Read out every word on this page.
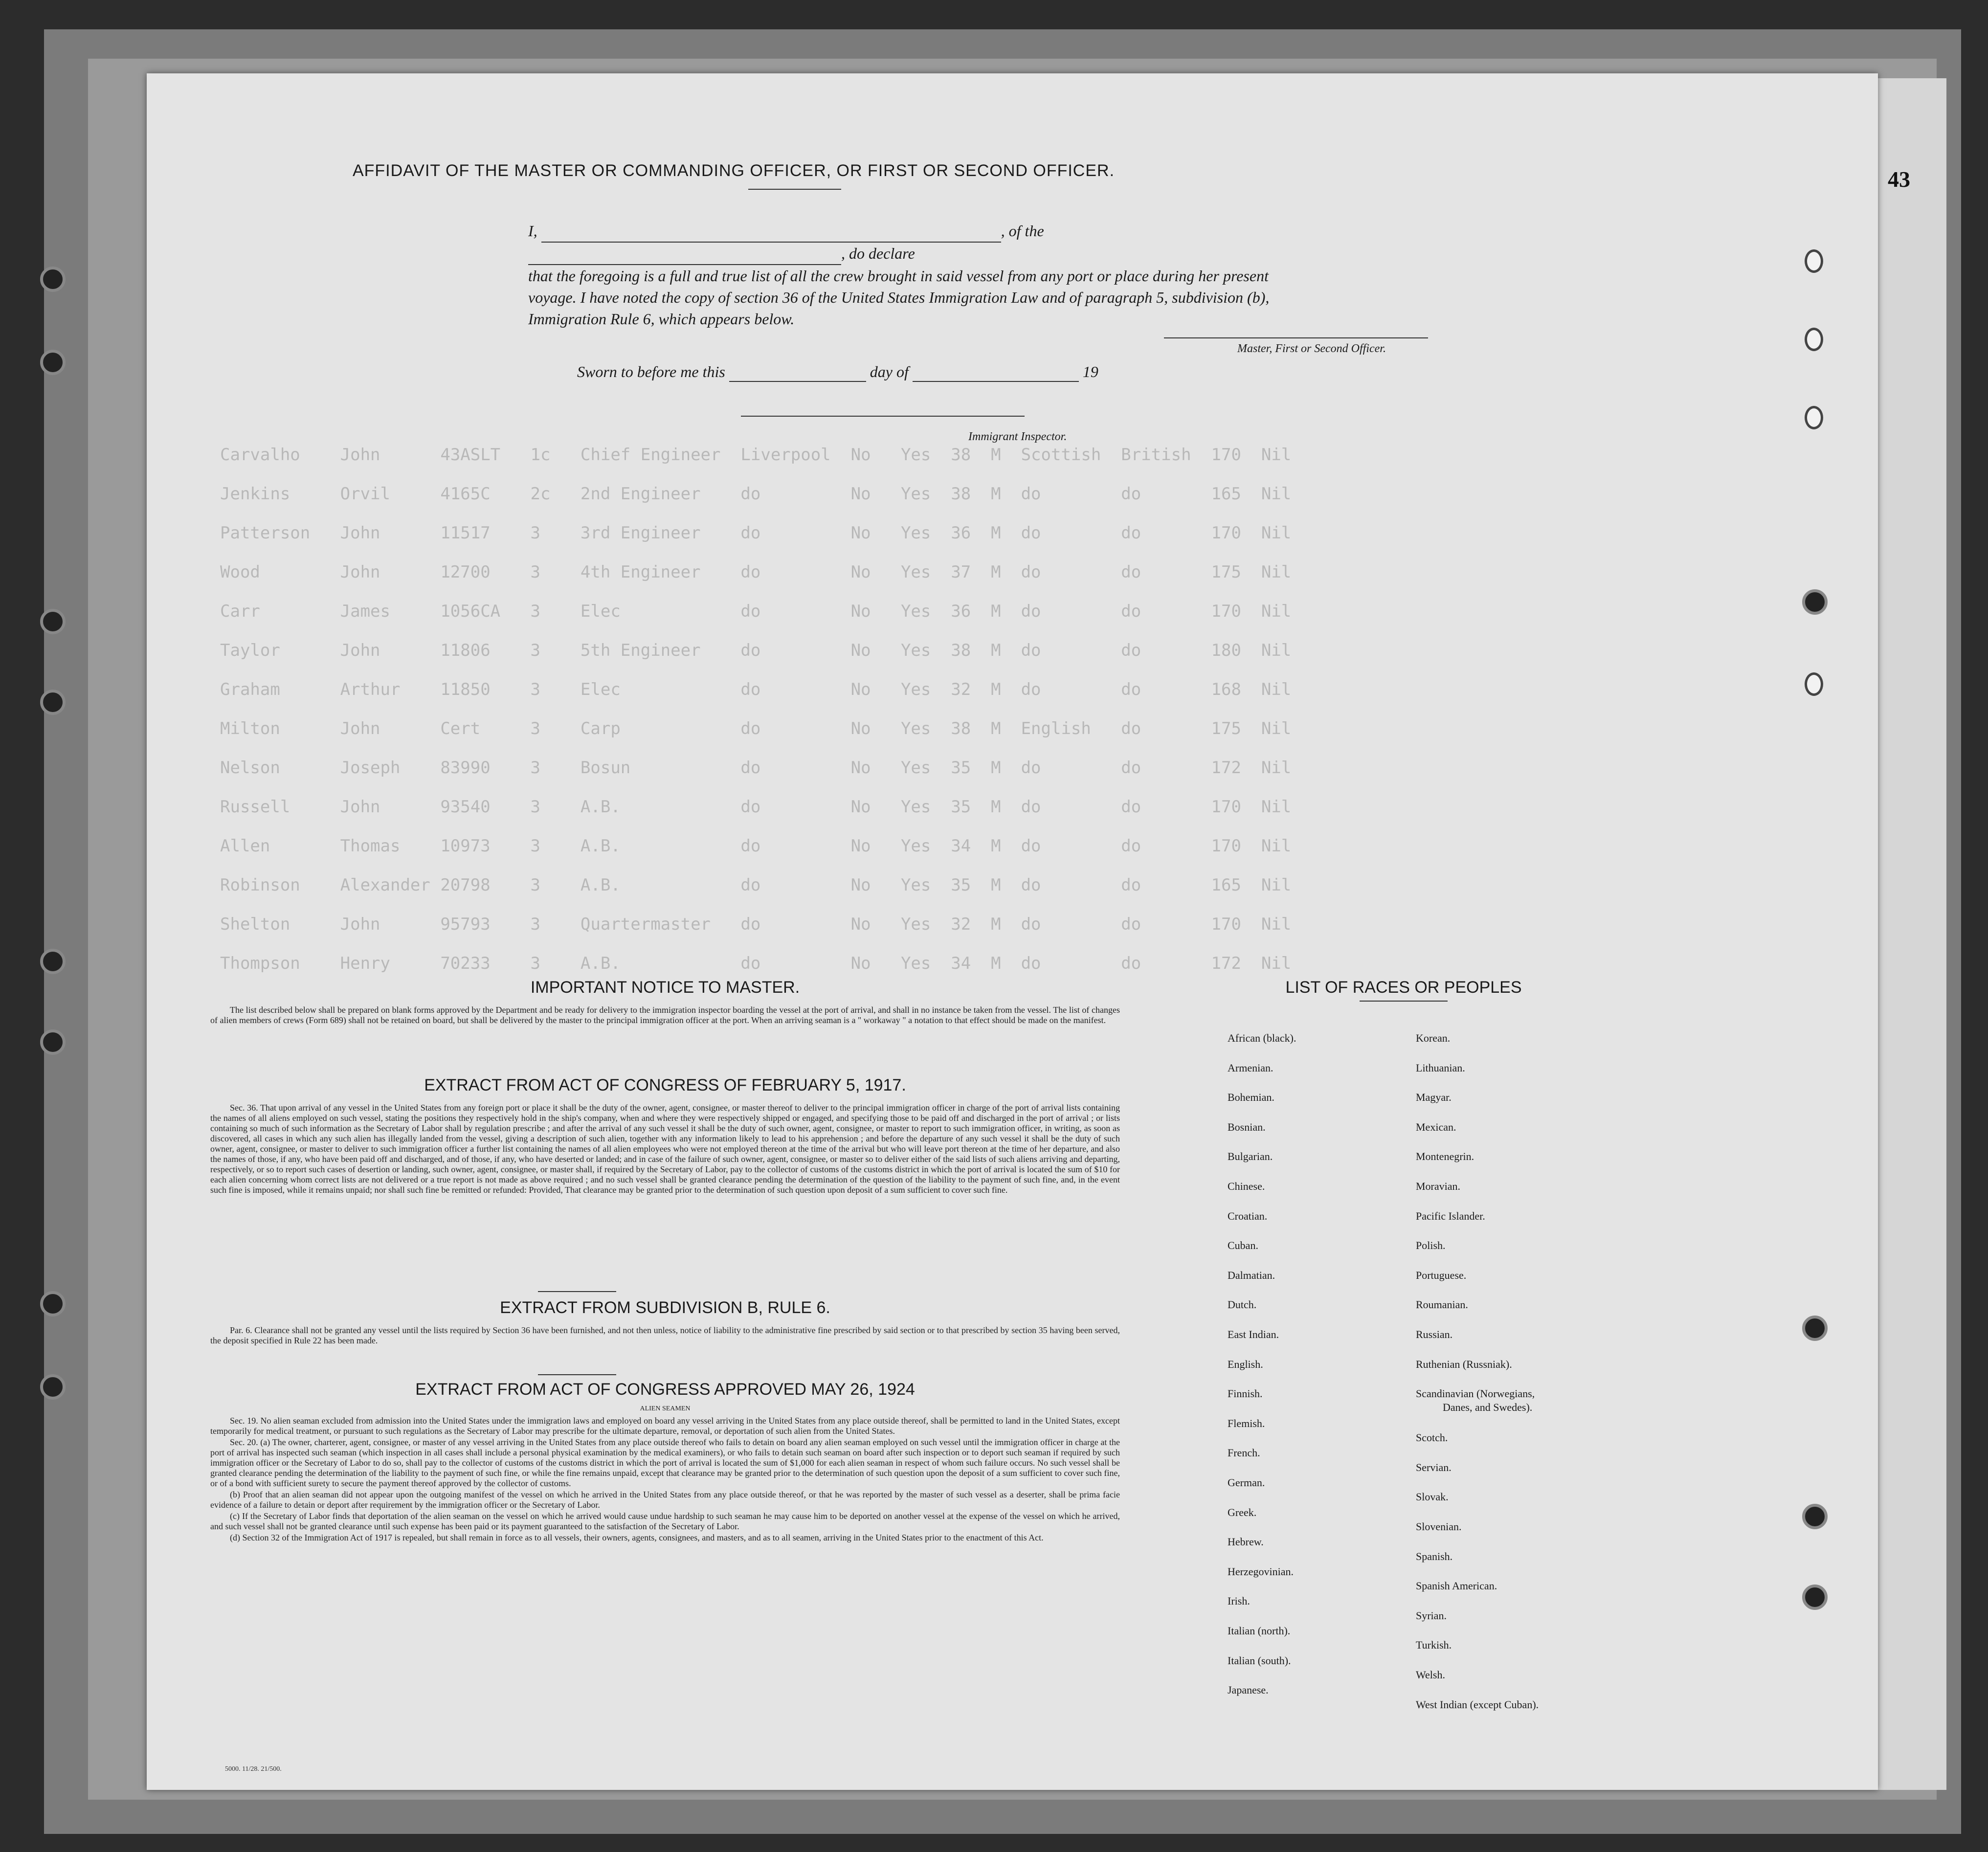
43
Carvalho    John      43ASLT   1c   Chief Engineer  Liverpool  No   Yes  38  M  Scottish  British  170  Nil
Jenkins     Orvil     4165C    2c   2nd Engineer    do         No   Yes  38  M  do        do       165  Nil
Patterson   John      11517    3    3rd Engineer    do         No   Yes  36  M  do        do       170  Nil
Wood        John      12700    3    4th Engineer    do         No   Yes  37  M  do        do       175  Nil
Carr        James     1056CA   3    Elec            do         No   Yes  36  M  do        do       170  Nil
Taylor      John      11806    3    5th Engineer    do         No   Yes  38  M  do        do       180  Nil
Graham      Arthur    11850    3    Elec            do         No   Yes  32  M  do        do       168  Nil
Milton      John      Cert     3    Carp            do         No   Yes  38  M  English   do       175  Nil
Nelson      Joseph    83990    3    Bosun           do         No   Yes  35  M  do        do       172  Nil
Russell     John      93540    3    A.B.            do         No   Yes  35  M  do        do       170  Nil
Allen       Thomas    10973    3    A.B.            do         No   Yes  34  M  do        do       170  Nil
Robinson    Alexander 20798    3    A.B.            do         No   Yes  35  M  do        do       165  Nil
Shelton     John      95793    3    Quartermaster   do         No   Yes  32  M  do        do       170  Nil
Thompson    Henry     70233    3    A.B.            do         No   Yes  34  M  do        do       172  Nil
AFFIDAVIT OF THE MASTER OR COMMANDING OFFICER, OR FIRST OR SECOND OFFICER.
I,	, of the  , do declare
that the foregoing is a full and true list of all the crew brought in said vessel from any port or place during her present
voyage. I have noted the copy of section 36 of the United States Immigration Law and of paragraph 5, subdivision (b),
Immigration Rule 6, which appears below.
Master, First or Second Officer.
Sworn to before me this	day of	19
Immigrant Inspector.
IMPORTANT NOTICE TO MASTER.

The list described below shall be prepared on blank forms approved by the Department and be ready for delivery to the immigration inspector boarding the vessel at the port of arrival, and shall in no instance be taken from the vessel. The list of changes of alien members of crews (Form 689) shall not be retained on board, but shall be delivered by the master to the principal immigration officer at the port. When an arriving seaman is a " workaway " a notation to that effect should be made on the manifest.

EXTRACT FROM ACT OF CONGRESS OF FEBRUARY 5, 1917.

Sec. 36. That upon arrival of any vessel in the United States from any foreign port or place it shall be the duty of the owner, agent, consignee, or master thereof to deliver to the principal immigration officer in charge of the port of arrival lists containing the names of all aliens employed on such vessel, stating the positions they respectively hold in the ship's company, when and where they were respectively shipped or engaged, and specifying those to be paid off and discharged in the port of arrival ; or lists containing so much of such information as the Secretary of Labor shall by regulation prescribe ; and after the arrival of any such vessel it shall be the duty of such owner, agent, consignee, or master to report to such immigration officer, in writing, as soon as discovered, all cases in which any such alien has illegally landed from the vessel, giving a description of such alien, together with any information likely to lead to his apprehension ; and before the departure of any such vessel it shall be the duty of such owner, agent, consignee, or master to deliver to such immigration officer a further list containing the names of all alien employees who were not employed thereon at the time of the arrival but who will leave port thereon at the time of her departure, and also the names of those, if any, who have been paid off and discharged, and of those, if any, who have deserted or landed; and in case of the failure of such owner, agent, consignee, or master so to deliver either of the said lists of such aliens arriving and departing, respectively, or so to report such cases of desertion or landing, such owner, agent, consignee, or master shall, if required by the Secretary of Labor, pay to the collector of customs of the customs district in which the port of arrival is located the sum of $10 for each alien concerning whom correct lists are not delivered or a true report is not made as above required ; and no such vessel shall be granted clearance pending the determination of the question of the liability to the payment of such fine, and, in the event such fine is imposed, while it remains unpaid; nor shall such fine be remitted or refunded: Provided, That clearance may be granted prior to the determination of such question upon deposit of a sum sufficient to cover such fine.

EXTRACT FROM SUBDIVISION B, RULE 6.

Par. 6. Clearance shall not be granted any vessel until the lists required by Section 36 have been furnished, and not then unless, notice of liability to the administrative fine prescribed by said section or to that prescribed by section 35 having been served, the deposit specified in Rule 22 has been made.

EXTRACT FROM ACT OF CONGRESS APPROVED MAY 26, 1924
ALIEN SEAMEN

Sec. 19. No alien seaman excluded from admission into the United States under the immigration laws and employed on board any vessel arriving in the United States from any place outside thereof, shall be permitted to land in the United States, except temporarily for medical treatment, or pursuant to such regulations as the Secretary of Labor may prescribe for the ultimate departure, removal, or deportation of such alien from the United States.

Sec. 20. (a) The owner, charterer, agent, consignee, or master of any vessel arriving in the United States from any place outside thereof who fails to detain on board any alien seaman employed on such vessel until the immigration officer in charge at the port of arrival has inspected such seaman (which inspection in all cases shall include a personal physical examination by the medical examiners), or who fails to detain such seaman on board after such inspection or to deport such seaman if required by such immigration officer or the Secretary of Labor to do so, shall pay to the collector of customs of the customs district in which the port of arrival is located the sum of $1,000 for each alien seaman in respect of whom such failure occurs. No such vessel shall be granted clearance pending the determination of the liability to the payment of such fine, or while the fine remains unpaid, except that clearance may be granted prior to the determination of such question upon the deposit of a sum sufficient to cover such fine, or of a bond with sufficient surety to secure the payment thereof approved by the collector of customs.

(b) Proof that an alien seaman did not appear upon the outgoing manifest of the vessel on which he arrived in the United States from any place outside thereof, or that he was reported by the master of such vessel as a deserter, shall be prima facie evidence of a failure to detain or deport after requirement by the immigration officer or the Secretary of Labor.

(c) If the Secretary of Labor finds that deportation of the alien seaman on the vessel on which he arrived would cause undue hardship to such seaman he may cause him to be deported on another vessel at the expense of the vessel on which he arrived, and such vessel shall not be granted clearance until such expense has been paid or its payment guaranteed to the satisfaction of the Secretary of Labor.

(d) Section 32 of the Immigration Act of 1917 is repealed, but shall remain in force as to all vessels, their owners, agents, consignees, and masters, and as to all seamen, arriving in the United States prior to the enactment of this Act.

LIST OF RACES OR PEOPLES
African (black).
Armenian.
Bohemian.
Bosnian.
Bulgarian.
Chinese.
Croatian.
Cuban.
Dalmatian.
Dutch.
East Indian.
English.
Finnish.
Flemish.
French.
German.
Greek.
Hebrew.
Herzegovinian.
Irish.
Italian (north).
Italian (south).
Japanese.
Korean.
Lithuanian.
Magyar.
Mexican.
Montenegrin.
Moravian.
Pacific Islander.
Polish.
Portuguese.
Roumanian.
Russian.
Ruthenian (Russniak).
Scandinavian (Norwegians,
Danes, and Swedes).
Scotch.
Servian.
Slovak.
Slovenian.
Spanish.
Spanish American.
Syrian.
Turkish.
Welsh.
West Indian (except Cuban).
5000. 11/28. 21/500.
